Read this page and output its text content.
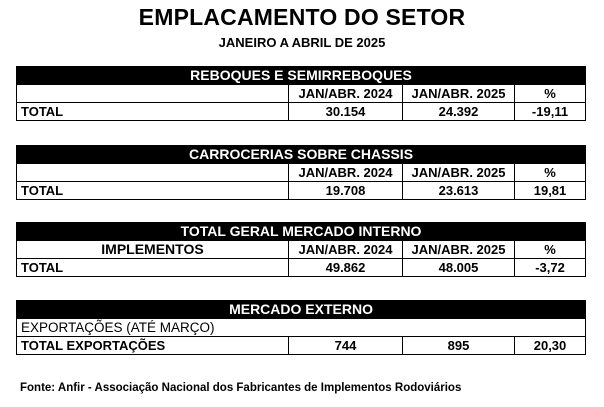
EMPLACAMENTO DO SETOR
JANEIRO A ABRIL DE 2025
REBOQUES E SEMIRREBOQUES			
	JAN/ABR. 2024	JAN/ABR. 2025	%
TOTAL	30.154	24.392	-19,11
CARROCERIAS SOBRE CHASSIS			
	JAN/ABR. 2024	JAN/ABR. 2025	%
TOTAL	19.708	23.613	19,81
TOTAL GERAL MERCADO INTERNO			
IMPLEMENTOS	JAN/ABR. 2024	JAN/ABR. 2025	%
TOTAL	49.862	48.005	-3,72
MERCADO EXTERNO
EXPORTAÇÕES (ATÉ MARÇO)
TOTAL EXPORTAÇÕES	744	895	20,30
Fonte: Anfir - Associação Nacional dos Fabricantes de Implementos Rodoviários
